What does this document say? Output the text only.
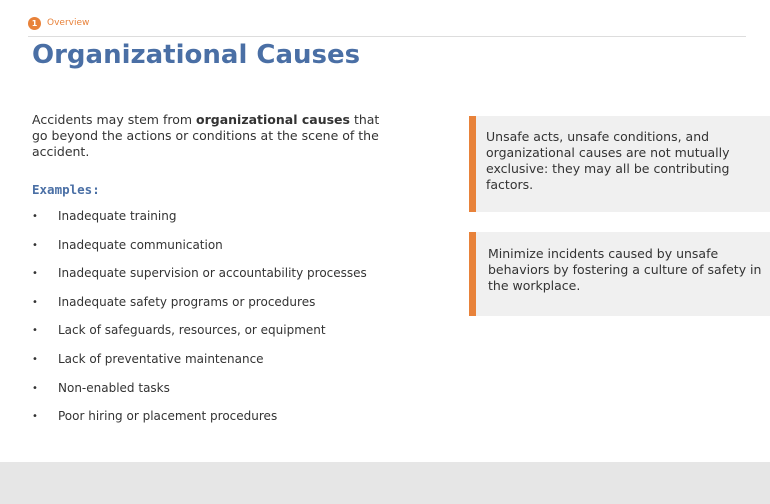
1	Overview
Organizational Causes
Accidents may stem from organizational causes that go beyond the actions or conditions at the scene of the accident.
Examples:
•	Inadequate training
•	Inadequate communication
•	Inadequate supervision or accountability processes
•	Inadequate safety programs or procedures
•	Lack of safeguards, resources, or equipment
•	Lack of preventative maintenance
•	Non-enabled tasks
•	Poor hiring or placement procedures
Unsafe acts, unsafe conditions, and organizational causes are not mutually exclusive: they may all be contributing factors.
Minimize incidents caused by unsafe behaviors by fostering a culture of safety in the workplace.
